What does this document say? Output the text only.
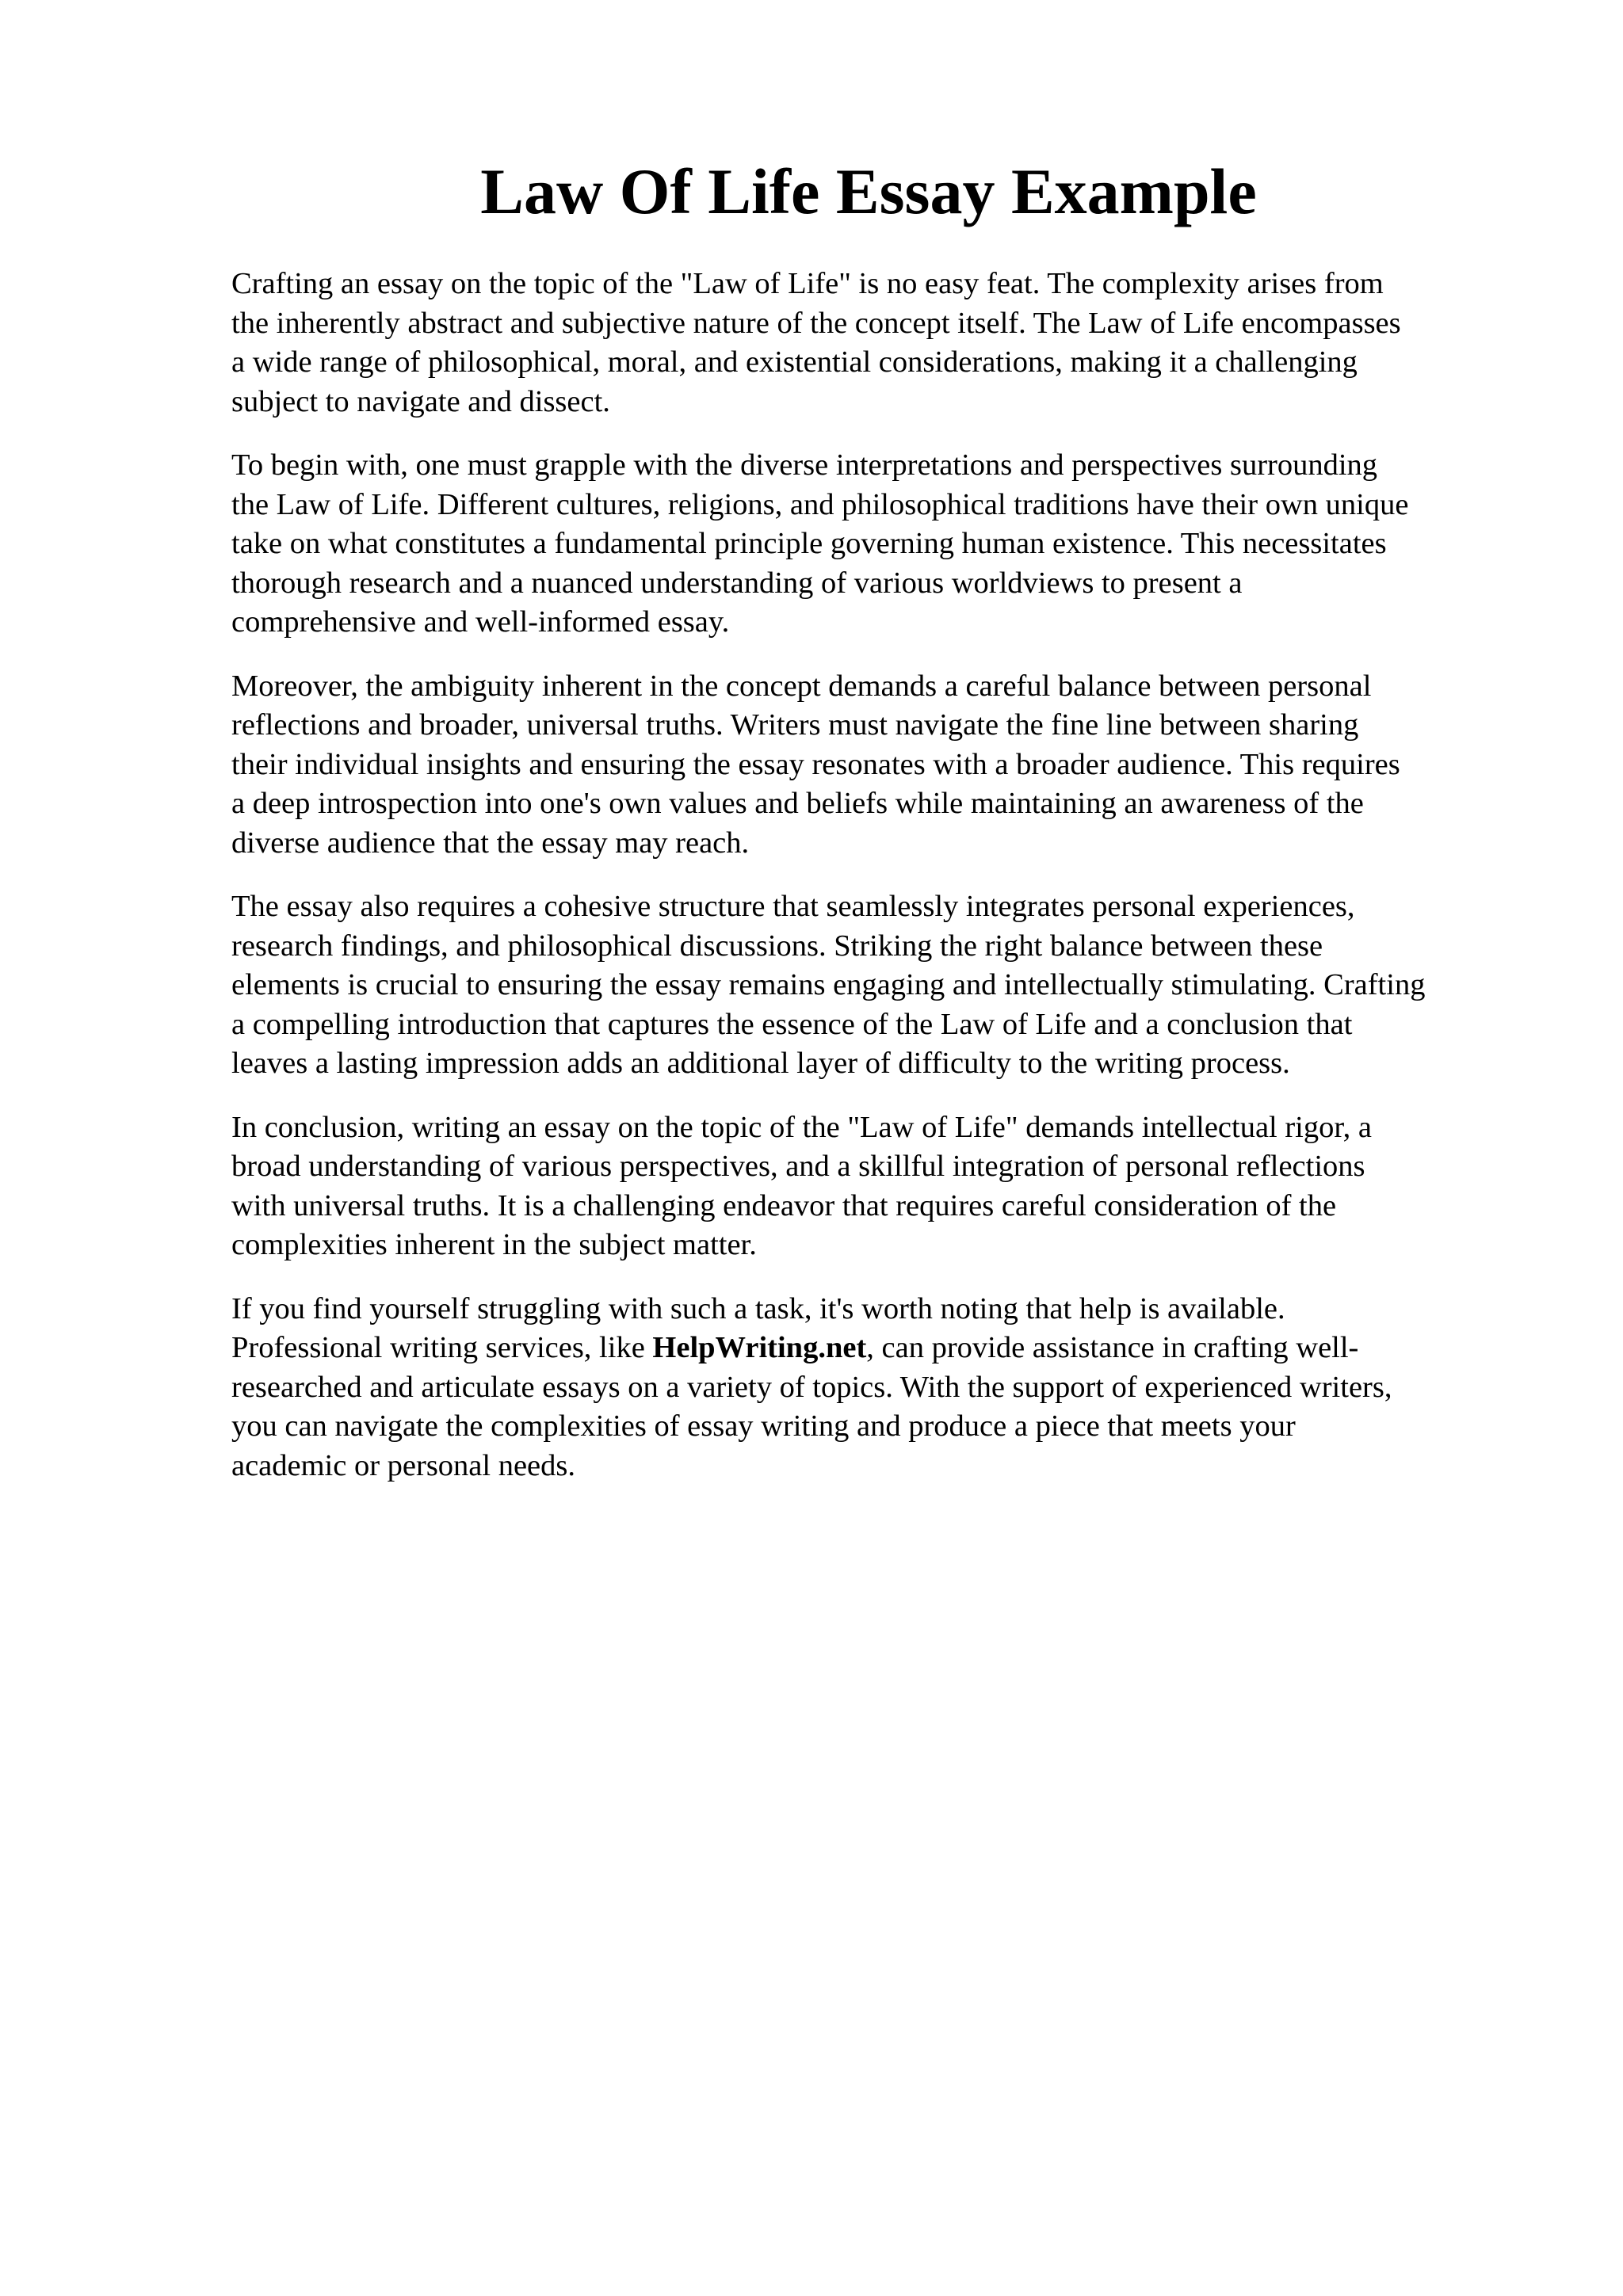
Law Of Life Essay Example

Crafting an essay on the topic of the "Law of Life" is no easy feat. The complexity arises from
the inherently abstract and subjective nature of the concept itself. The Law of Life encompasses
a wide range of philosophical, moral, and existential considerations, making it a challenging
subject to navigate and dissect.

To begin with, one must grapple with the diverse interpretations and perspectives surrounding
the Law of Life. Different cultures, religions, and philosophical traditions have their own unique
take on what constitutes a fundamental principle governing human existence. This necessitates
thorough research and a nuanced understanding of various worldviews to present a
comprehensive and well-informed essay.

Moreover, the ambiguity inherent in the concept demands a careful balance between personal
reflections and broader, universal truths. Writers must navigate the fine line between sharing
their individual insights and ensuring the essay resonates with a broader audience. This requires
a deep introspection into one's own values and beliefs while maintaining an awareness of the
diverse audience that the essay may reach.

The essay also requires a cohesive structure that seamlessly integrates personal experiences,
research findings, and philosophical discussions. Striking the right balance between these
elements is crucial to ensuring the essay remains engaging and intellectually stimulating. Crafting
a compelling introduction that captures the essence of the Law of Life and a conclusion that
leaves a lasting impression adds an additional layer of difficulty to the writing process.

In conclusion, writing an essay on the topic of the "Law of Life" demands intellectual rigor, a
broad understanding of various perspectives, and a skillful integration of personal reflections
with universal truths. It is a challenging endeavor that requires careful consideration of the
complexities inherent in the subject matter.

If you find yourself struggling with such a task, it's worth noting that help is available.
Professional writing services, like HelpWriting.net, can provide assistance in crafting well-
researched and articulate essays on a variety of topics. With the support of experienced writers,
you can navigate the complexities of essay writing and produce a piece that meets your
academic or personal needs.
